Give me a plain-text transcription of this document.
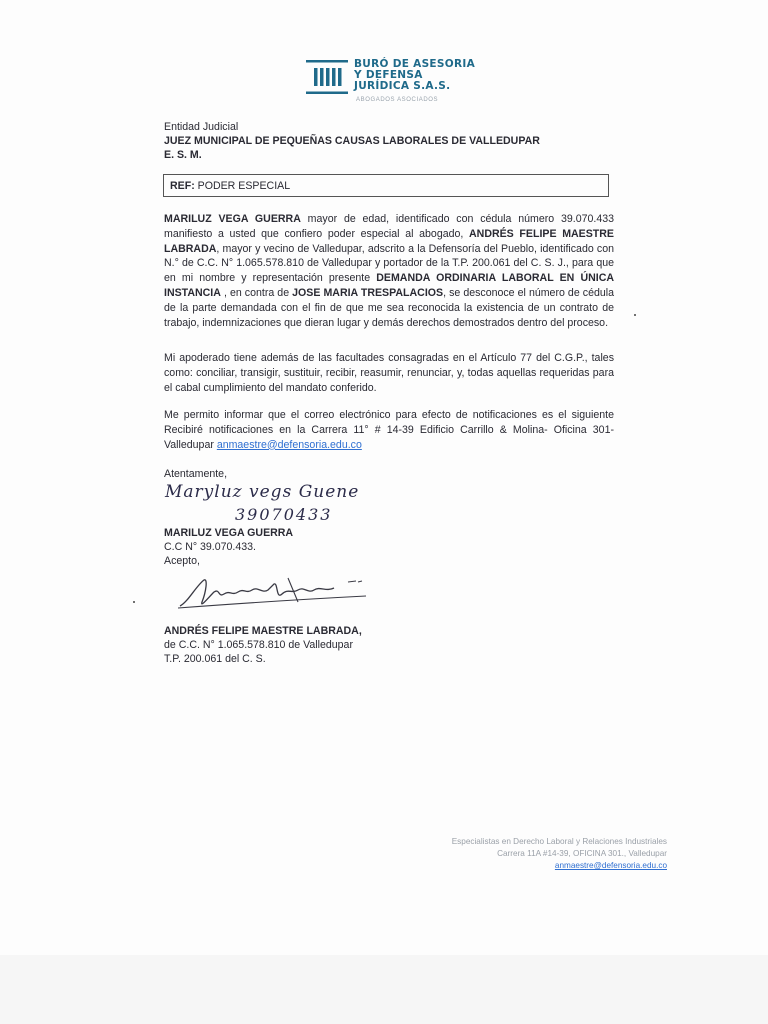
BURÓ DE ASESORIA
Y DEFENSA
JURÍDICA S.A.S.
ABOGADOS ASOCIADOS
Entidad Judicial
JUEZ MUNICIPAL DE PEQUEÑAS CAUSAS LABORALES DE VALLEDUPAR
E. S. M.
REF: PODER ESPECIAL
MARILUZ VEGA GUERRA mayor de edad, identificado con cédula número 39.070.433 manifiesto a usted que confiero poder especial al abogado, ANDRÉS FELIPE MAESTRE LABRADA, mayor y vecino de Valledupar, adscrito a la Defensoría del Pueblo, identificado con N.° de C.C. N° 1.065.578.810 de Valledupar y portador de la T.P. 200.061 del C. S. J., para que en mi nombre y representación presente DEMANDA ORDINARIA LABORAL EN ÚNICA INSTANCIA , en contra de JOSE MARIA TRESPALACIOS, se desconoce el número de cédula de la parte demandada con el fin de que me sea reconocida la existencia de un contrato de trabajo, indemnizaciones que dieran lugar y demás derechos demostrados dentro del proceso.
Mi apoderado tiene además de las facultades consagradas en el Artículo 77 del C.G.P., tales como: conciliar, transigir, sustituir, recibir, reasumir, renunciar, y, todas aquellas requeridas para el cabal cumplimiento del mandato conferido.
Me permito informar que el correo electrónico para efecto de notificaciones es el siguiente Recibiré notificaciones en la Carrera 11° # 14-39 Edificio Carrillo & Molina- Oficina 301- Valledupar anmaestre@defensoria.edu.co
Atentamente,
Maryluz vegs Guene
39070433
MARILUZ VEGA GUERRA
C.C N° 39.070.433.
Acepto,
ANDRÉS FELIPE MAESTRE LABRADA,
de C.C. N° 1.065.578.810 de Valledupar
T.P. 200.061 del C. S.
Especialistas en Derecho Laboral y Relaciones Industriales
Carrera 11A #14-39, OFICINA 301., Valledupar
anmaestre@defensoria.edu.co
